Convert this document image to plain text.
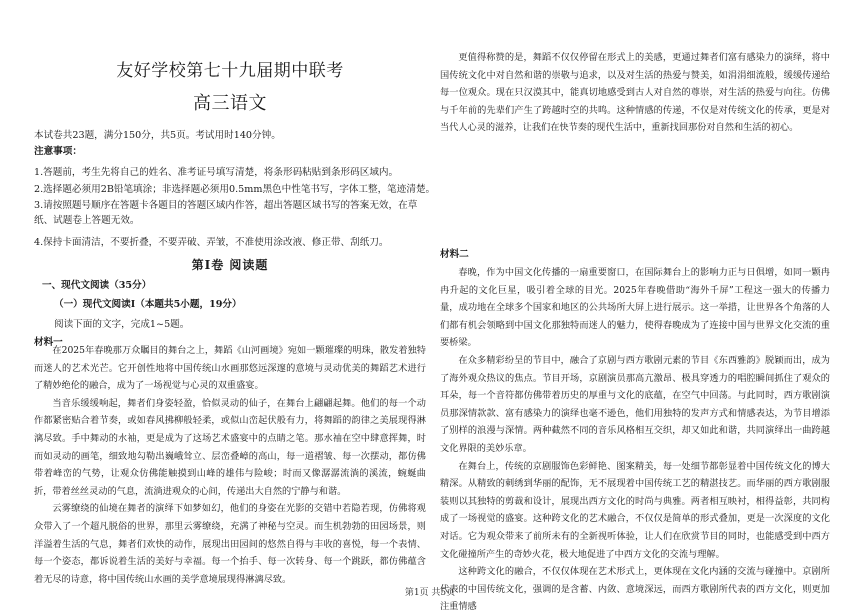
友好学校第七十九届期中联考
高三语文
本试卷共23题，满分150分，共5页。考试用时140分钟。
注意事项：
1.答题前，考生先将自己的姓名、准考证号填写清楚，将条形码粘贴到条形码区域内。
2.选择题必须用2B铅笔填涂；非选择题必须用0.5mm黑色中性笔书写，字体工整，笔迹清楚。
3.请按照题号顺序在答题卡各题目的答题区域内作答，超出答题区域书写的答案无效，在草纸、试题卷上答题无效。
4.保持卡面清洁，不要折叠，不要弄破、弄皱，不准使用涂改液、修正带、刮纸刀。
第Ⅰ卷 阅读题
一、现代文阅读（35分）
（一）现代文阅读Ⅰ（本题共5小题，19分）
阅读下面的文字，完成1~5题。
材料一

在2025年春晚那万众瞩目的舞台之上，舞蹈《山河画境》宛如一颗璀璨的明珠，散发着独特而迷人的艺术光芒。它开创性地将中国传统山水画那悠远深邃的意境与灵动优美的舞蹈艺术进行了精妙绝伦的融合，成为了一场视觉与心灵的双重盛宴。

当音乐缓缓响起，舞者们身姿轻盈，恰似灵动的仙子，在舞台上翩翩起舞。他们的每一个动作都紧密贴合着节奏，或如春风拂柳般轻柔，或似山峦起伏般有力，将舞蹈的韵律之美展现得淋漓尽致。手中舞动的水袖，更是成为了这场艺术盛宴中的点睛之笔。那水袖在空中肆意挥舞，时而如灵动的画笔，细致地勾勒出巍峨耸立、层峦叠嶂的高山，每一道褶皱、每一次摆动，都仿佛带着峰峦的气势，让观众仿佛能触摸到山峰的雄伟与险峻；时而又像潺潺流淌的溪流，蜿蜒曲折，带着丝丝灵动的气息，流淌进观众的心间，传递出大自然的宁静与和谐。

云雾缭绕的仙境在舞者的演绎下如梦如幻，他们的身姿在光影的交错中若隐若现，仿佛将观众带入了一个超凡脱俗的世界，那里云雾缭绕，充满了神秘与空灵。而生机勃勃的田园场景，则洋溢着生活的气息，舞者们欢快的动作，展现出田园间的悠然自得与丰收的喜悦，每一个表情、每一个姿态，都诉说着生活的美好与幸福。每一个抬手、每一次转身、每一个跳跃，都仿佛蕴含着无尽的诗意，将中国传统山水画的美学意境展现得淋漓尽致。

更值得称赞的是，舞蹈不仅仅停留在形式上的美感，更通过舞者们富有感染力的演绎，将中国传统文化中对自然和谐的崇敬与追求，以及对生活的热爱与赞美，如涓涓细流般，缓缓传递给每一位观众。现在只汉漠其中，能真切地感受到古人对自然的尊崇，对生活的热爱与向往。仿佛与千年前的先辈们产生了跨越时空的共鸣。这种情感的传递，不仅是对传统文化的传承，更是对当代人心灵的滋养，让我们在快节奏的现代生活中，重新找回那份对自然和生活的初心。

材料二

春晚，作为中国文化传播的一扇重要窗口，在国际舞台上的影响力正与日俱增，如同一颗冉冉升起的文化巨星，吸引着全球的目光。2025年春晚借助“海外千屏”工程这一强大的传播力量，成功地在全球多个国家和地区的公共场所大屏上进行展示。这一举措，让世界各个角落的人们都有机会领略到中国文化那独特而迷人的魅力，使得春晚成为了连接中国与世界文化交流的重要桥梁。

在众多精彩纷呈的节目中，融合了京剧与西方歌剧元素的节目《东西雅韵》脱颖而出，成为了海外观众热议的焦点。节目开场，京剧演员那高亢激昂、极具穿透力的唱腔瞬间抓住了观众的耳朵，每一个音符都仿佛带着历史的厚重与文化的底蕴，在空气中回荡。与此同时，西方歌剧演员那深情款款、富有感染力的演绎也毫不逊色，他们用独特的发声方式和情感表达，为节目增添了别样的浪漫与深情。两种截然不同的音乐风格相互交织，却又如此和谐，共同演绎出一曲跨越文化界限的美妙乐章。

在舞台上，传统的京剧服饰色彩鲜艳、图案精美，每一处细节都彰显着中国传统文化的博大精深。从精致的刺绣到华丽的配饰，无不展现着中国传统工艺的精湛技艺。而华丽的西方歌剧服装则以其独特的剪裁和设计，展现出西方文化的时尚与典雅。两者相互映衬，相得益彰，共同构成了一场视觉的盛宴。这种跨文化的艺术融合，不仅仅是简单的形式叠加，更是一次深度的文化对话。它为观众带来了前所未有的全新视听体验，让人们在欣赏节目的同时，也能感受到中西方文化碰撞所产生的奇妙火花，极大地促进了中西方文化的交流与理解。

这种跨文化的融合，不仅仅体现在艺术形式上，更体现在文化内涵的交流与碰撞中。京剧所代表的中国传统文化，强调的是含蓄、内敛、意境深远，而西方歌剧所代表的西方文化，则更加注重情感

第1页 共5页
